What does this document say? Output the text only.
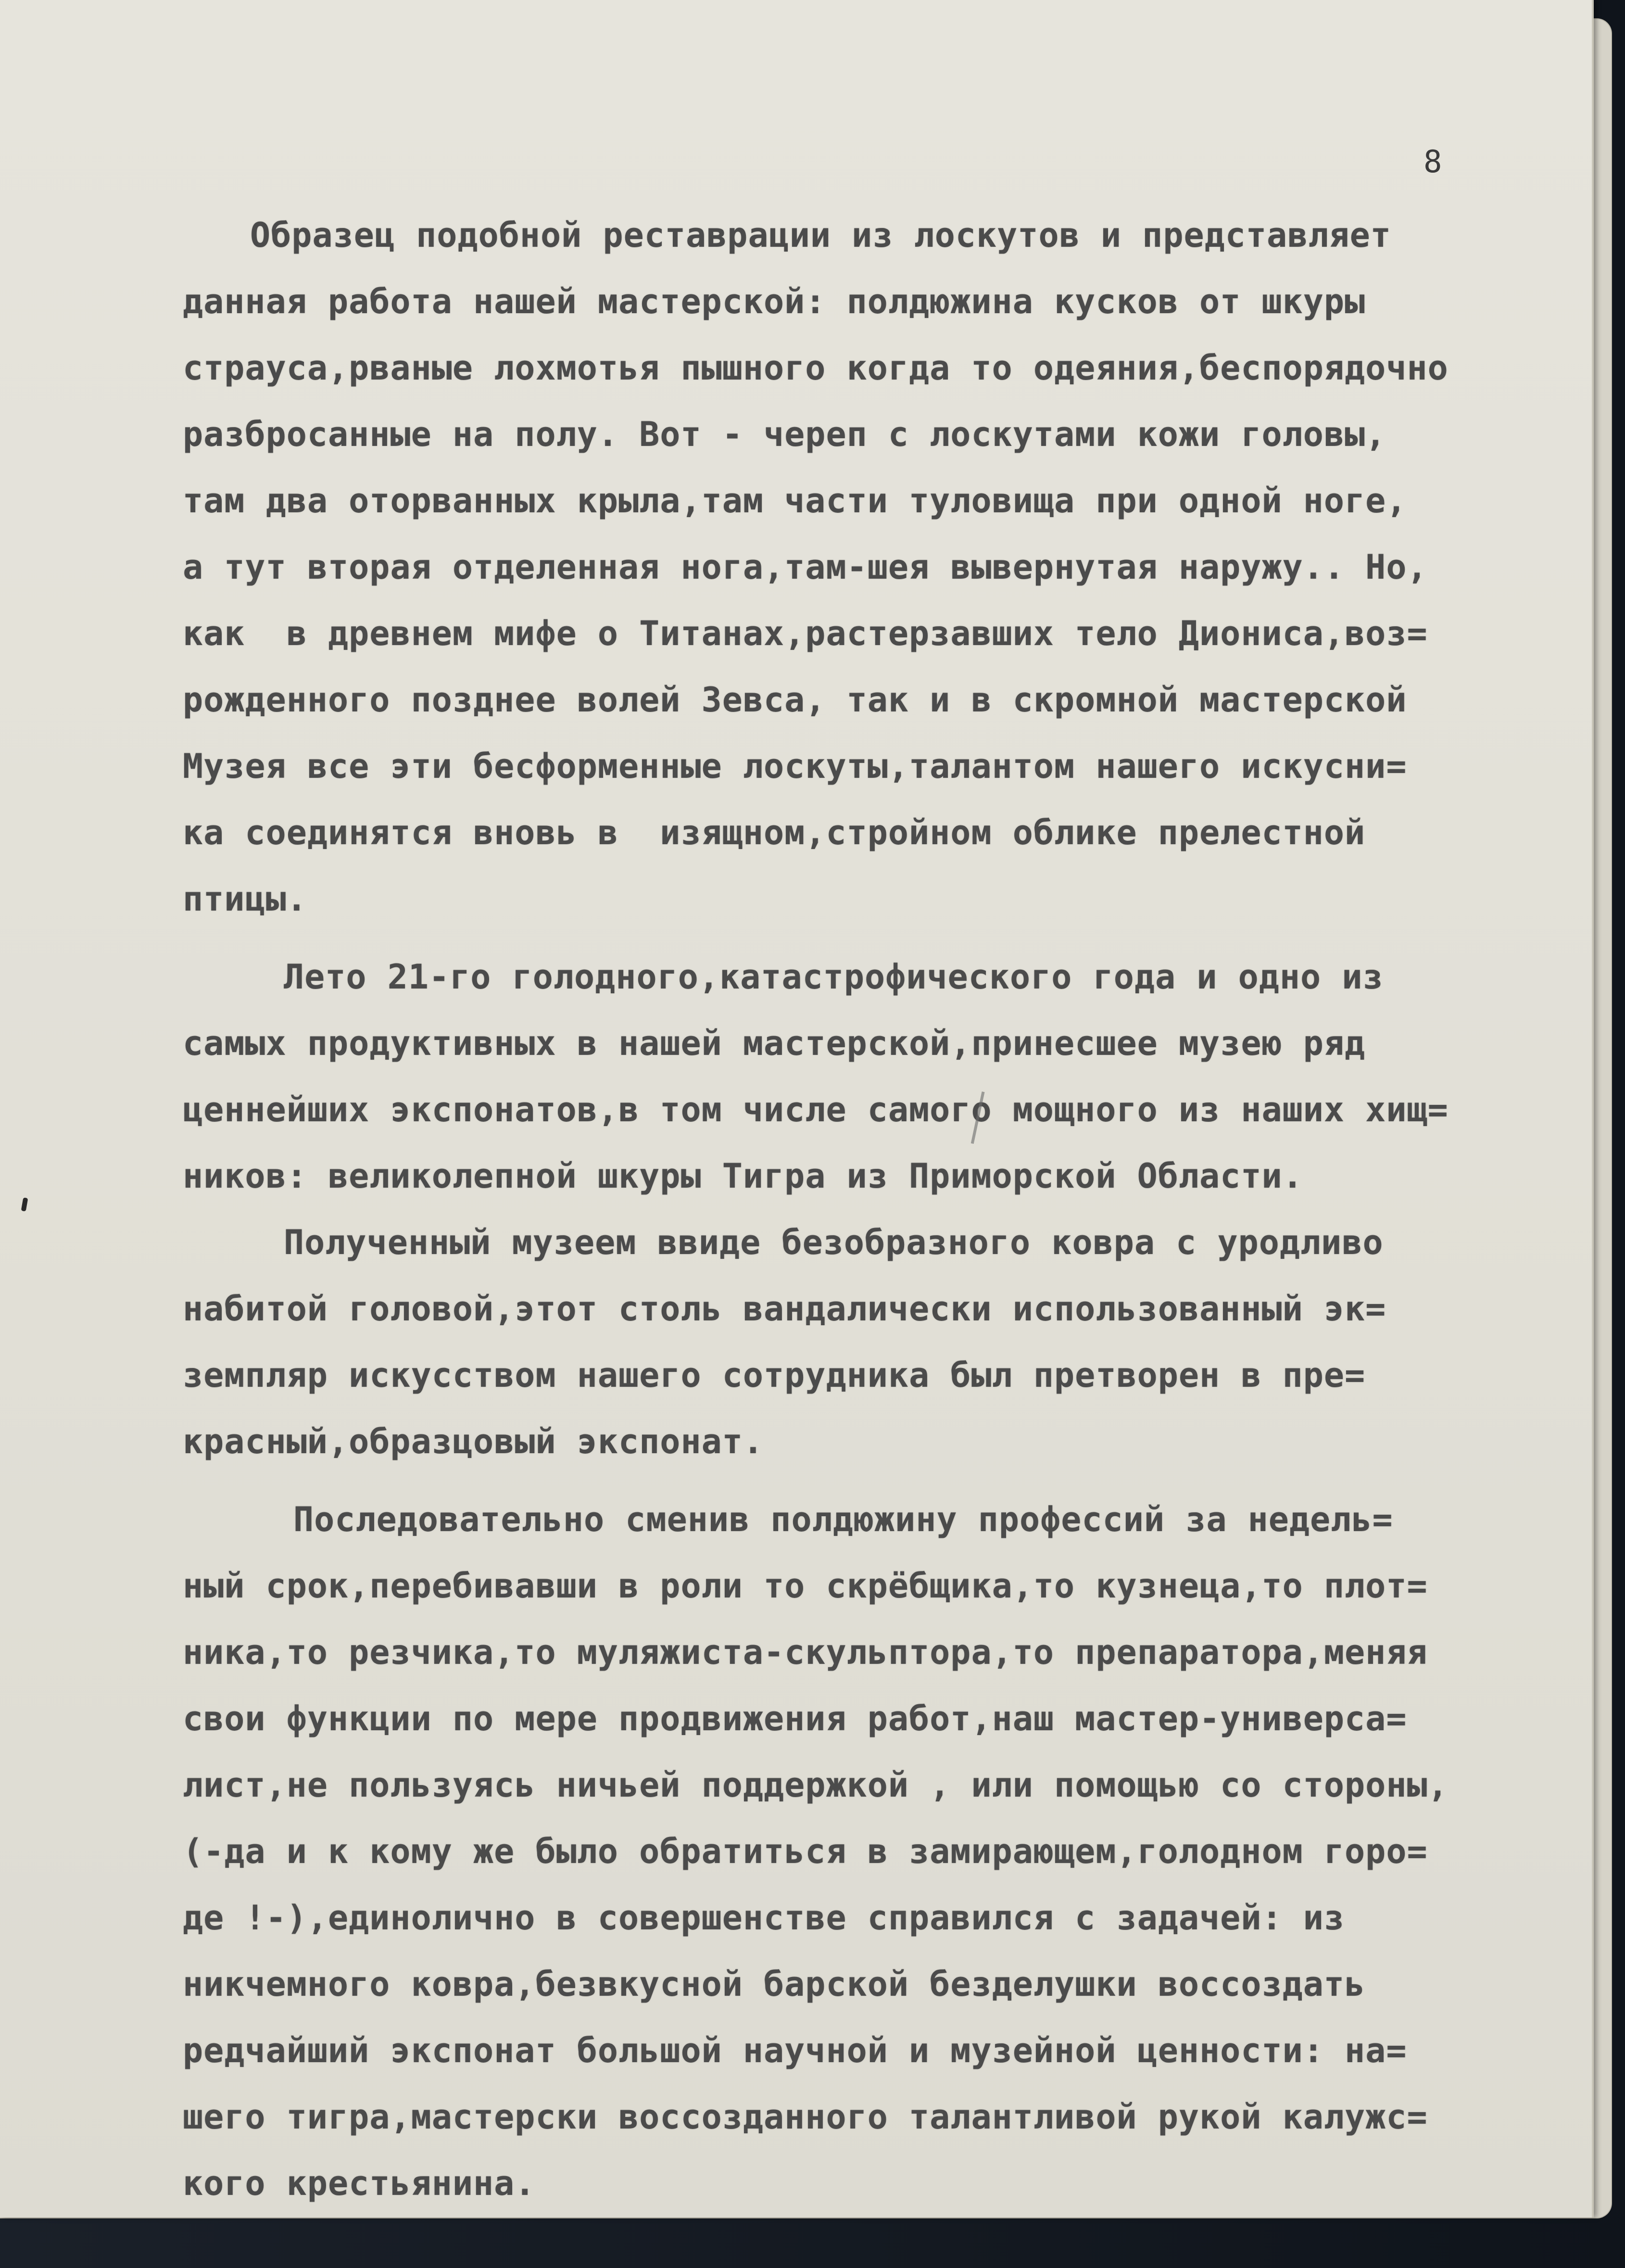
8
Образец подобной реставрации из лоскутов и представляет
данная работа нашей мастерской: полдюжина кусков от шкуры
страуса,рваные лохмотья пышного когда то одеяния,беспорядочно
разбросанные на полу. Вот - череп с лоскутами кожи головы,
там два оторванных крыла,там части туловища при одной ноге,
а тут вторая отделенная нога,там-шея вывернутая наружу.. Но,
как  в древнем мифе о Титанах,растерзавших тело Диониса,воз=
рожденного позднее волей Зевса, так и в скромной мастерской
Музея все эти бесформенные лоскуты,талантом нашего искусни=
ка соединятся вновь в  изящном,стройном облике прелестной
птицы.
Лето 21-го голодного,катастрофического года и одно из
самых продуктивных в нашей мастерской,принесшее музею ряд
ценнейших экспонатов,в том числе самого мощного из наших хищ=
ников: великолепной шкуры Тигра из Приморской Области.
Полученный музеем ввиде безобразного ковра с уродливо
набитой головой,этот столь вандалически использованный эк=
земпляр искусством нашего сотрудника был претворен в пре=
красный,образцовый экспонат.
Последовательно сменив полдюжину профессий за недель=
ный срок,перебивавши в роли то скрёбщика,то кузнеца,то плот=
ника,то резчика,то муляжиста-скульптора,то препаратора,меняя
свои функции по мере продвижения работ,наш мастер-универса=
лист,не пользуясь ничьей поддержкой , или помощью со стороны,
(-да и к кому же было обратиться в замирающем,голодном горо=
де !-),единолично в совершенстве справился с задачей: из
никчемного ковра,безвкусной барской безделушки воссоздать
редчайший экспонат большой научной и музейной ценности: на=
шего тигра,мастерски воссозданного талантливой рукой калужс=
кого крестьянина.
